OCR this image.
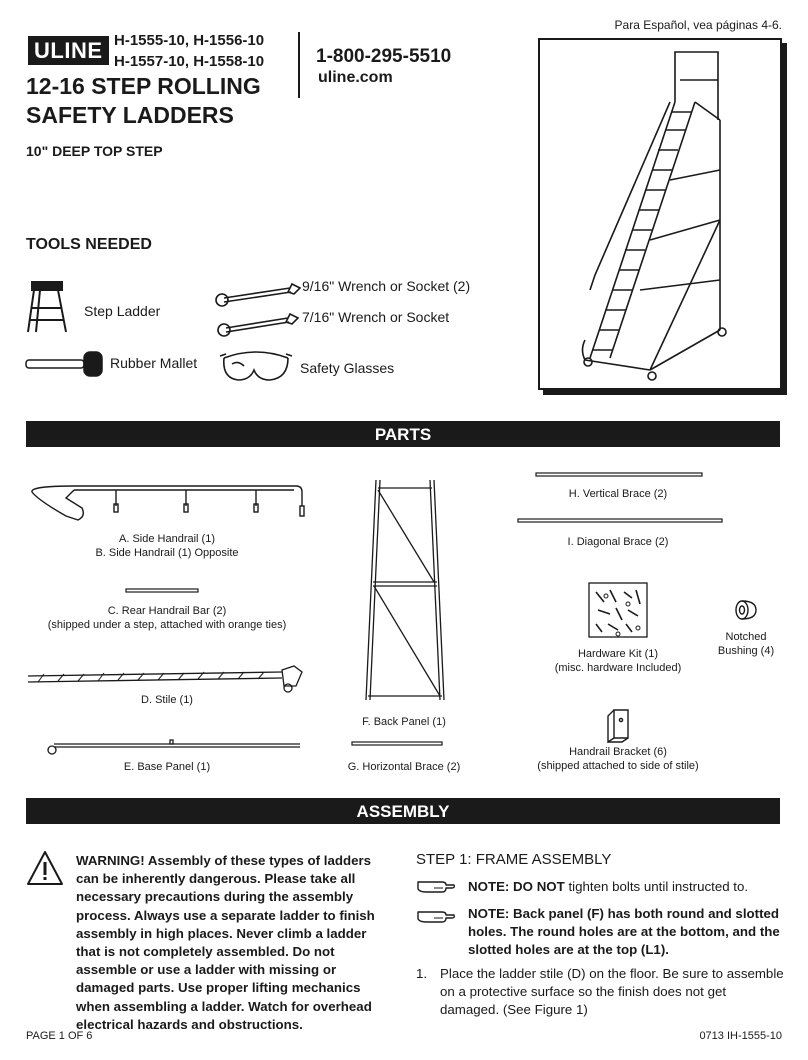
Para Español, vea páginas 4-6.
ULINE H-1555-10, H-1556-10
H-1557-10, H-1558-10	1-800-295-5510
uline.com
12-16 STEP ROLLING
SAFETY LADDERS
10" DEEP TOP STEP
TOOLS NEEDED
Step Ladder
9/16" Wrench or Socket (2)
7/16" Wrench or Socket
Rubber Mallet	Safety Glasses
PARTS
A. Side Handrail (1)
B. Side Handrail (1) Opposite
C. Rear Handrail Bar (2)
(shipped under a step, attached with orange ties)
D. Stile (1)
E. Base Panel (1)
F. Back Panel (1)
G. Horizontal Brace (2)
H. Vertical Brace (2)
I. Diagonal Brace (2)
Hardware Kit (1)
(misc. hardware Included)
Notched
Bushing (4)
Handrail Bracket (6)
(shipped attached to side of stile)
ASSEMBLY
WARNING! Assembly of these types of ladders can be inherently dangerous. Please take all necessary precautions during the assembly process. Always use a separate ladder to finish assembly in high places. Never climb a ladder that is not completely assembled. Do not assemble or use a ladder with missing or damaged parts. Use proper lifting mechanics when assembling a ladder. Watch for overhead electrical hazards and obstructions.
STEP 1: FRAME ASSEMBLY
NOTE: DO NOT tighten bolts until instructed to.
NOTE: Back panel (F) has both round and slotted holes. The round holes are at the bottom, and the slotted holes are at the top (L1).
1. Place the ladder stile (D) on the floor. Be sure to assemble on a protective surface so the finish does not get damaged. (See Figure 1)
PAGE 1 OF 6	0713 IH-1555-10
